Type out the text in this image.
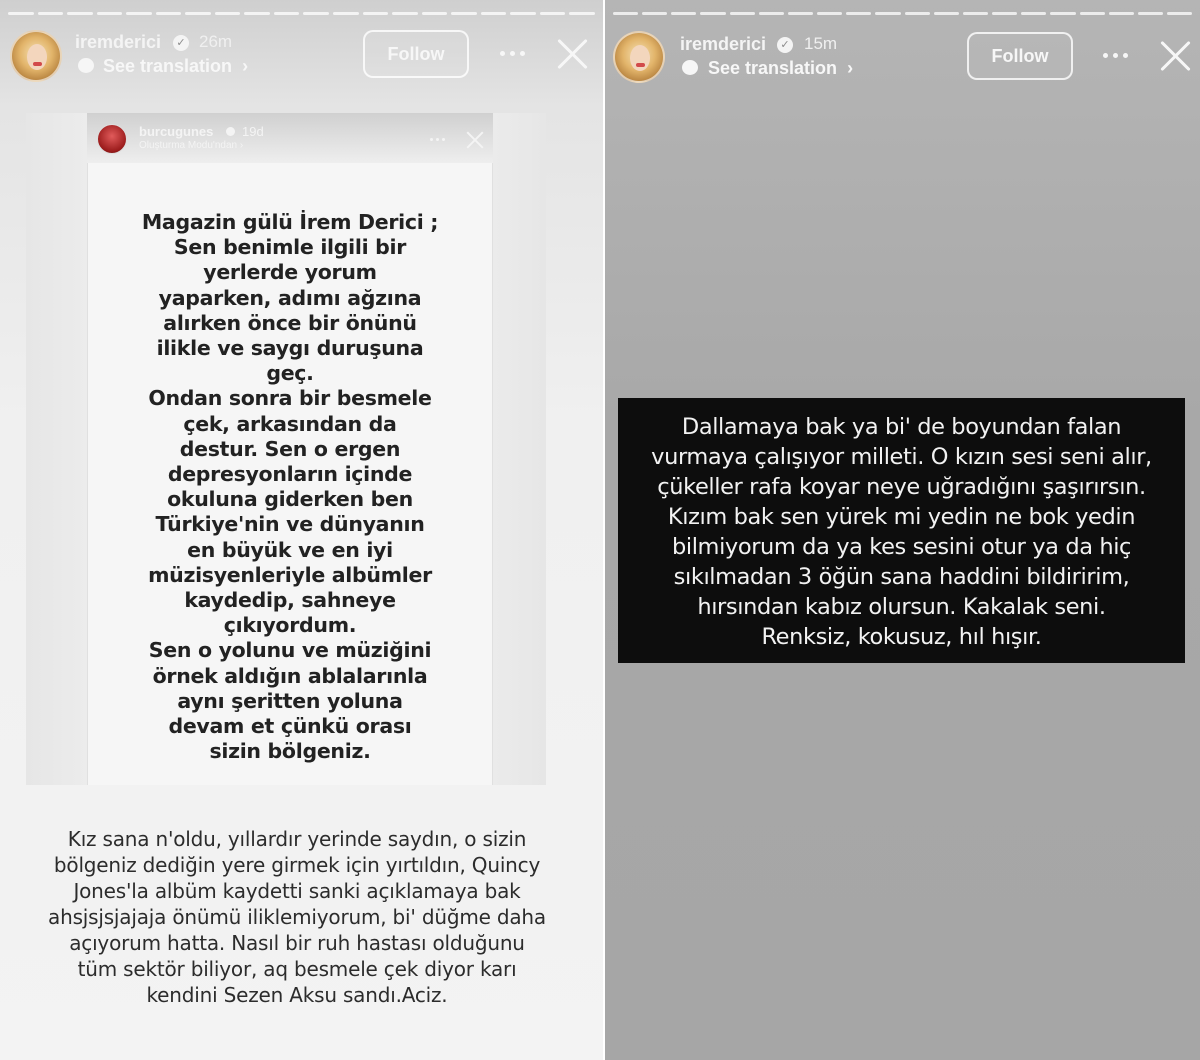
iremderici	✓ 26m
See translation  ›
Follow
burcugunes 19d
Oluşturma Modu'ndan ›
Magazin gülü İrem Derici ;
Sen benimle ilgili bir
yerlerde yorum
yaparken, adımı ağzına
alırken önce bir önünü
ilikle ve saygı duruşuna
geç.
Ondan sonra bir besmele
çek, arkasından da
destur. Sen o ergen
depresyonların içinde
okuluna giderken ben
Türkiye'nin ve dünyanın
en büyük ve en iyi
müzisyenleriyle albümler
kaydedip, sahneye
çıkıyordum.
Sen o yolunu ve müziğini
örnek aldığın ablalarınla
aynı şeritten yoluna
devam et çünkü orası
sizin bölgeniz.
Kız sana n'oldu, yıllardır yerinde saydın, o sizin
bölgeniz dediğin yere girmek için yırtıldın, Quincy
Jones'la albüm kaydetti sanki açıklamaya bak
ahsjsjsjajaja önümü iliklemiyorum, bi' düğme daha
açıyorum hatta. Nasıl bir ruh hastası olduğunu
tüm sektör biliyor, aq besmele çek diyor karı
kendini Sezen Aksu sandı.Aciz.
iremderici	✓ 15m
See translation  ›
Follow
Dallamaya bak ya bi' de boyundan falan
vurmaya çalışıyor milleti. O kızın sesi seni alır,
çükeller rafa koyar neye uğradığını şaşırırsın.
Kızım bak sen yürek mi yedin ne bok yedin
bilmiyorum da ya kes sesini otur ya da hiç
sıkılmadan 3 öğün sana haddini bildiririm,
hırsından kabız olursun. Kakalak seni.
Renksiz, kokusuz, hıl hışır.
